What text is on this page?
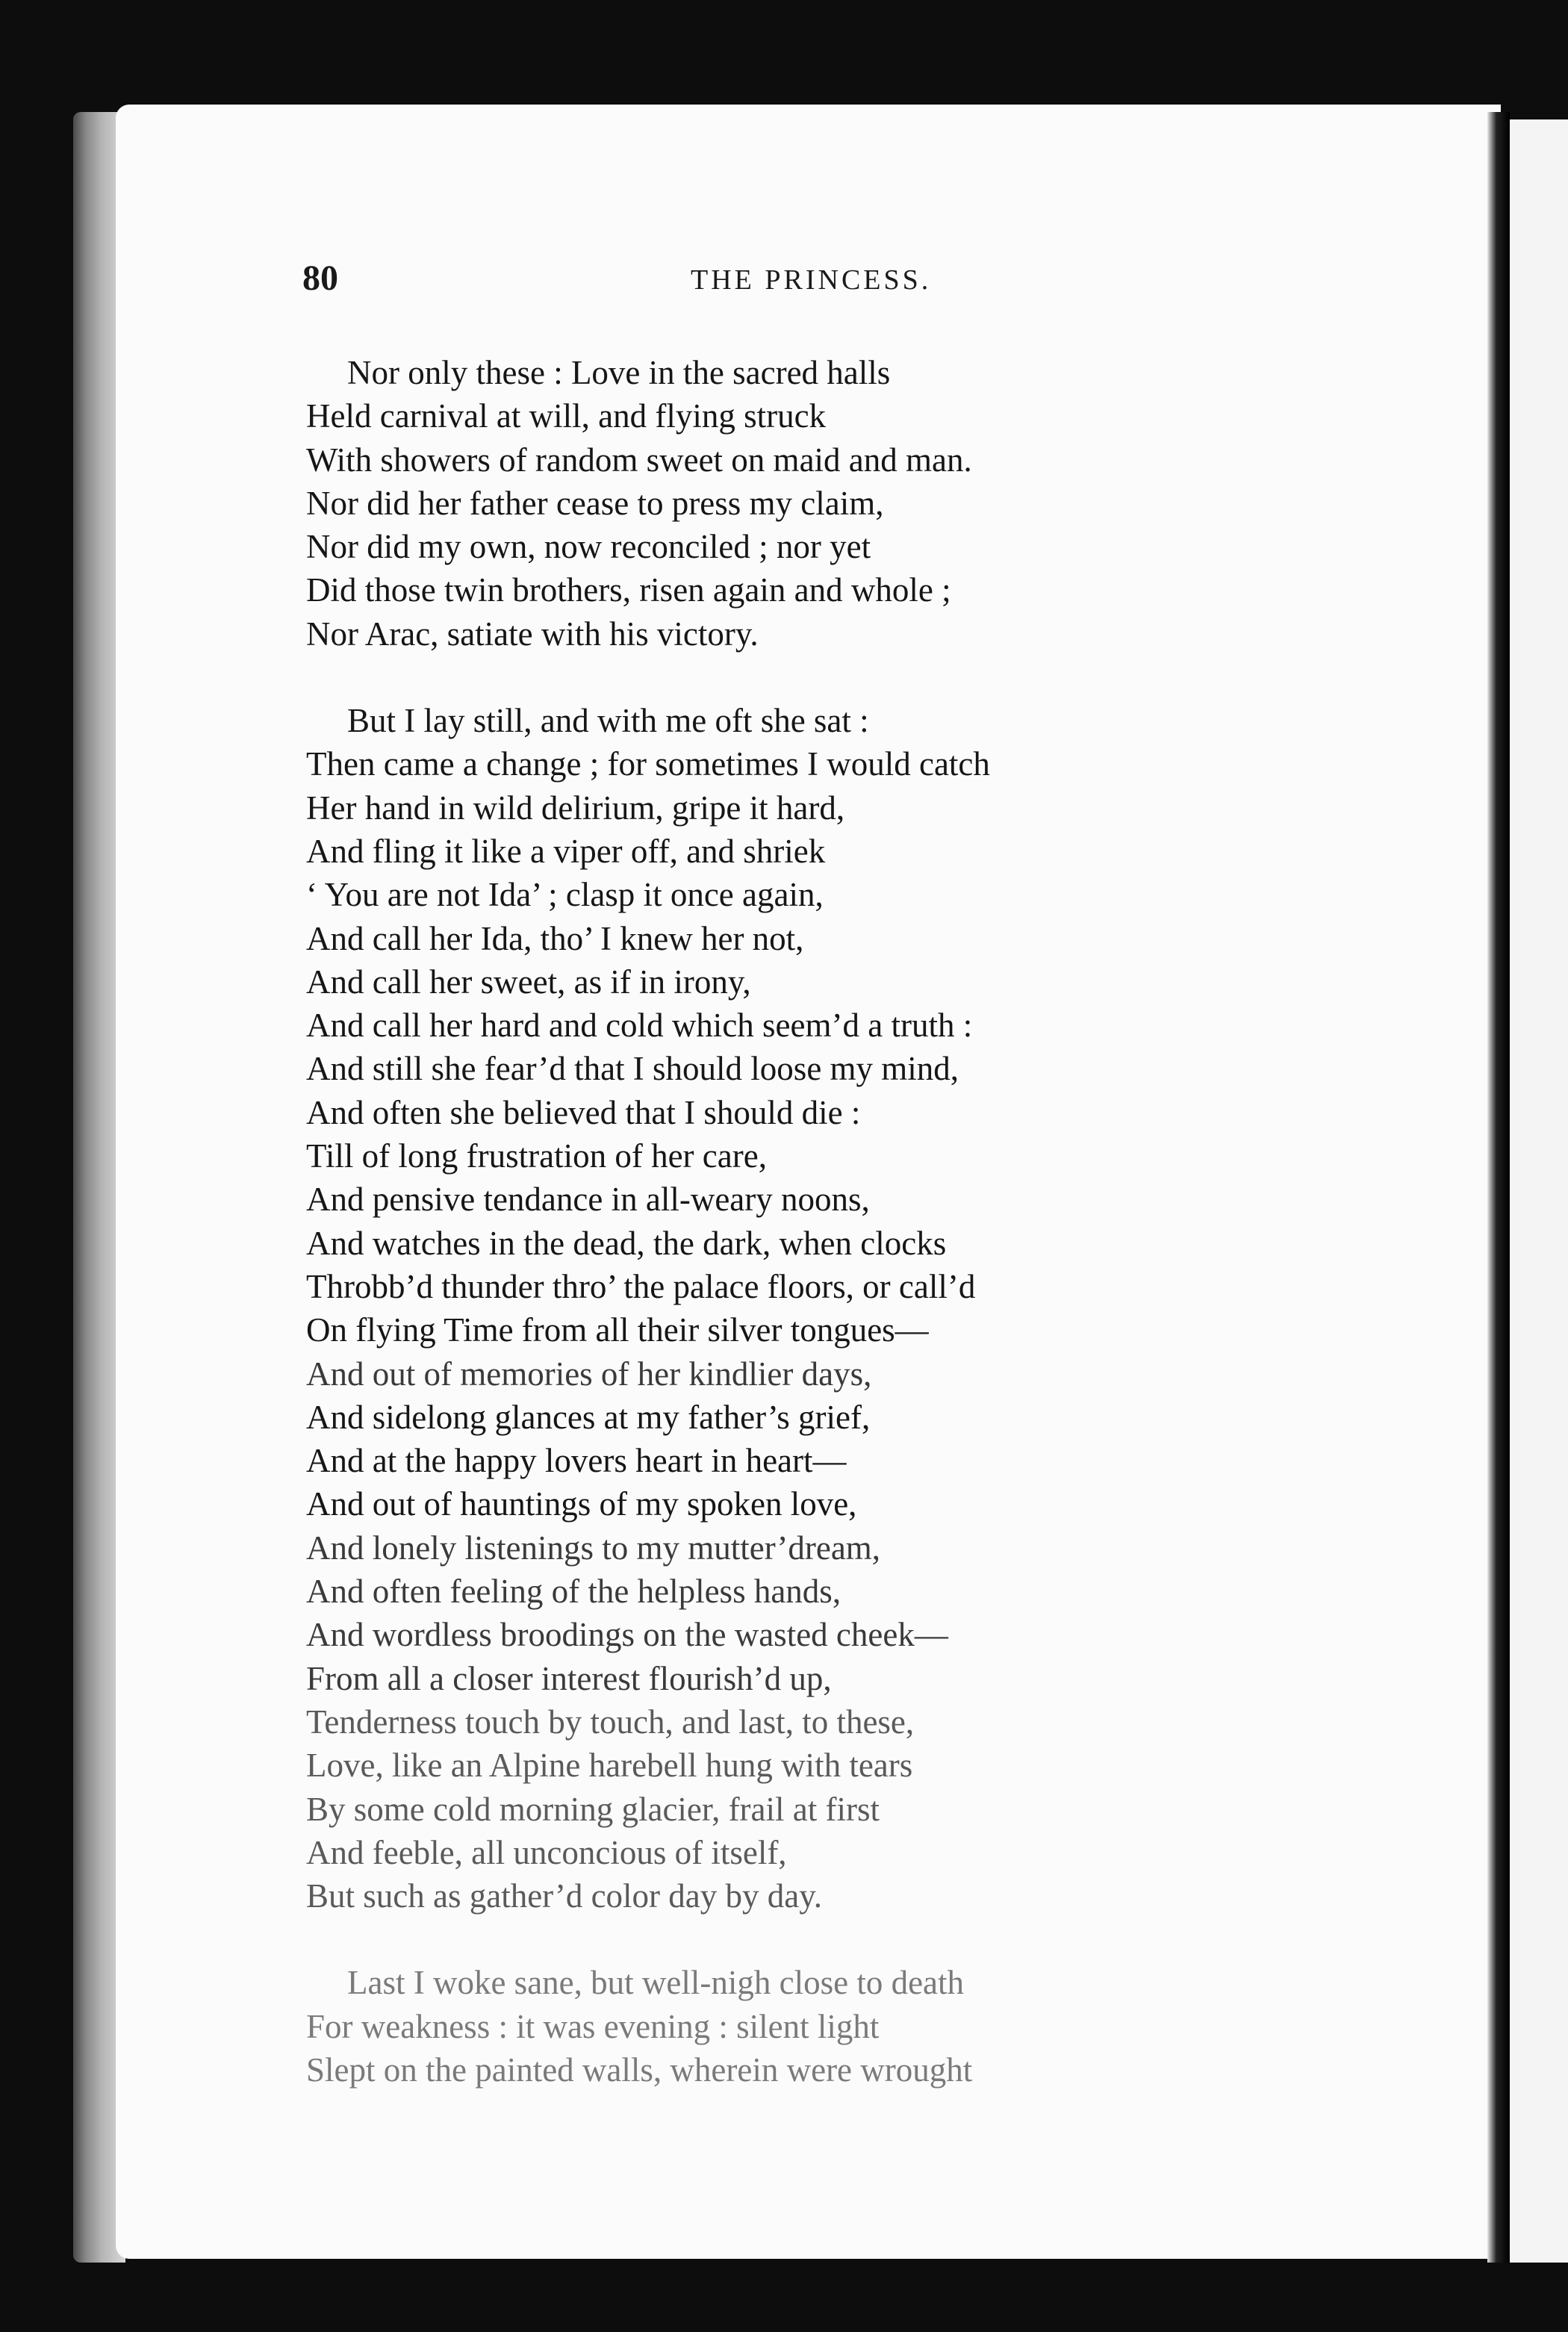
80	THE PRINCESS.
Nor only these : Love in the sacred halls
Held carnival at will, and flying struck
With showers of random sweet on maid and man.
Nor did her father cease to press my claim,
Nor did my own, now reconciled ; nor yet
Did those twin brothers, risen again and whole ;
Nor Arac, satiate with his victory.
But I lay still, and with me oft she sat :
Then came a change ; for sometimes I would catch
Her hand in wild delirium, gripe it hard,
And fling it like a viper off, and shriek
‘ You are not Ida’ ; clasp it once again,
And call her Ida, tho’ I knew her not,
And call her sweet, as if in irony,
And call her hard and cold which seem’d a truth :
And still she fear’d that I should loose my mind,
And often she believed that I should die :
Till of long frustration of her care,
And pensive tendance in all-weary noons,
And watches in the dead, the dark, when clocks
Throbb’d thunder thro’ the palace floors, or call’d
On flying Time from all their silver tongues—
And out of memories of her kindlier days,
And sidelong glances at my father’s grief,
And at the happy lovers heart in heart—
And out of hauntings of my spoken love,
And lonely listenings to my mutter’dream,
And often feeling of the helpless hands,
And wordless broodings on the wasted cheek—
From all a closer interest flourish’d up,
Tenderness touch by touch, and last, to these,
Love, like an Alpine harebell hung with tears
By some cold morning glacier, frail at first
And feeble, all unconcious of itself,
But such as gather’d color day by day.
Last I woke sane, but well-nigh close to death
For weakness : it was evening : silent light
Slept on the painted walls, wherein were wrought
